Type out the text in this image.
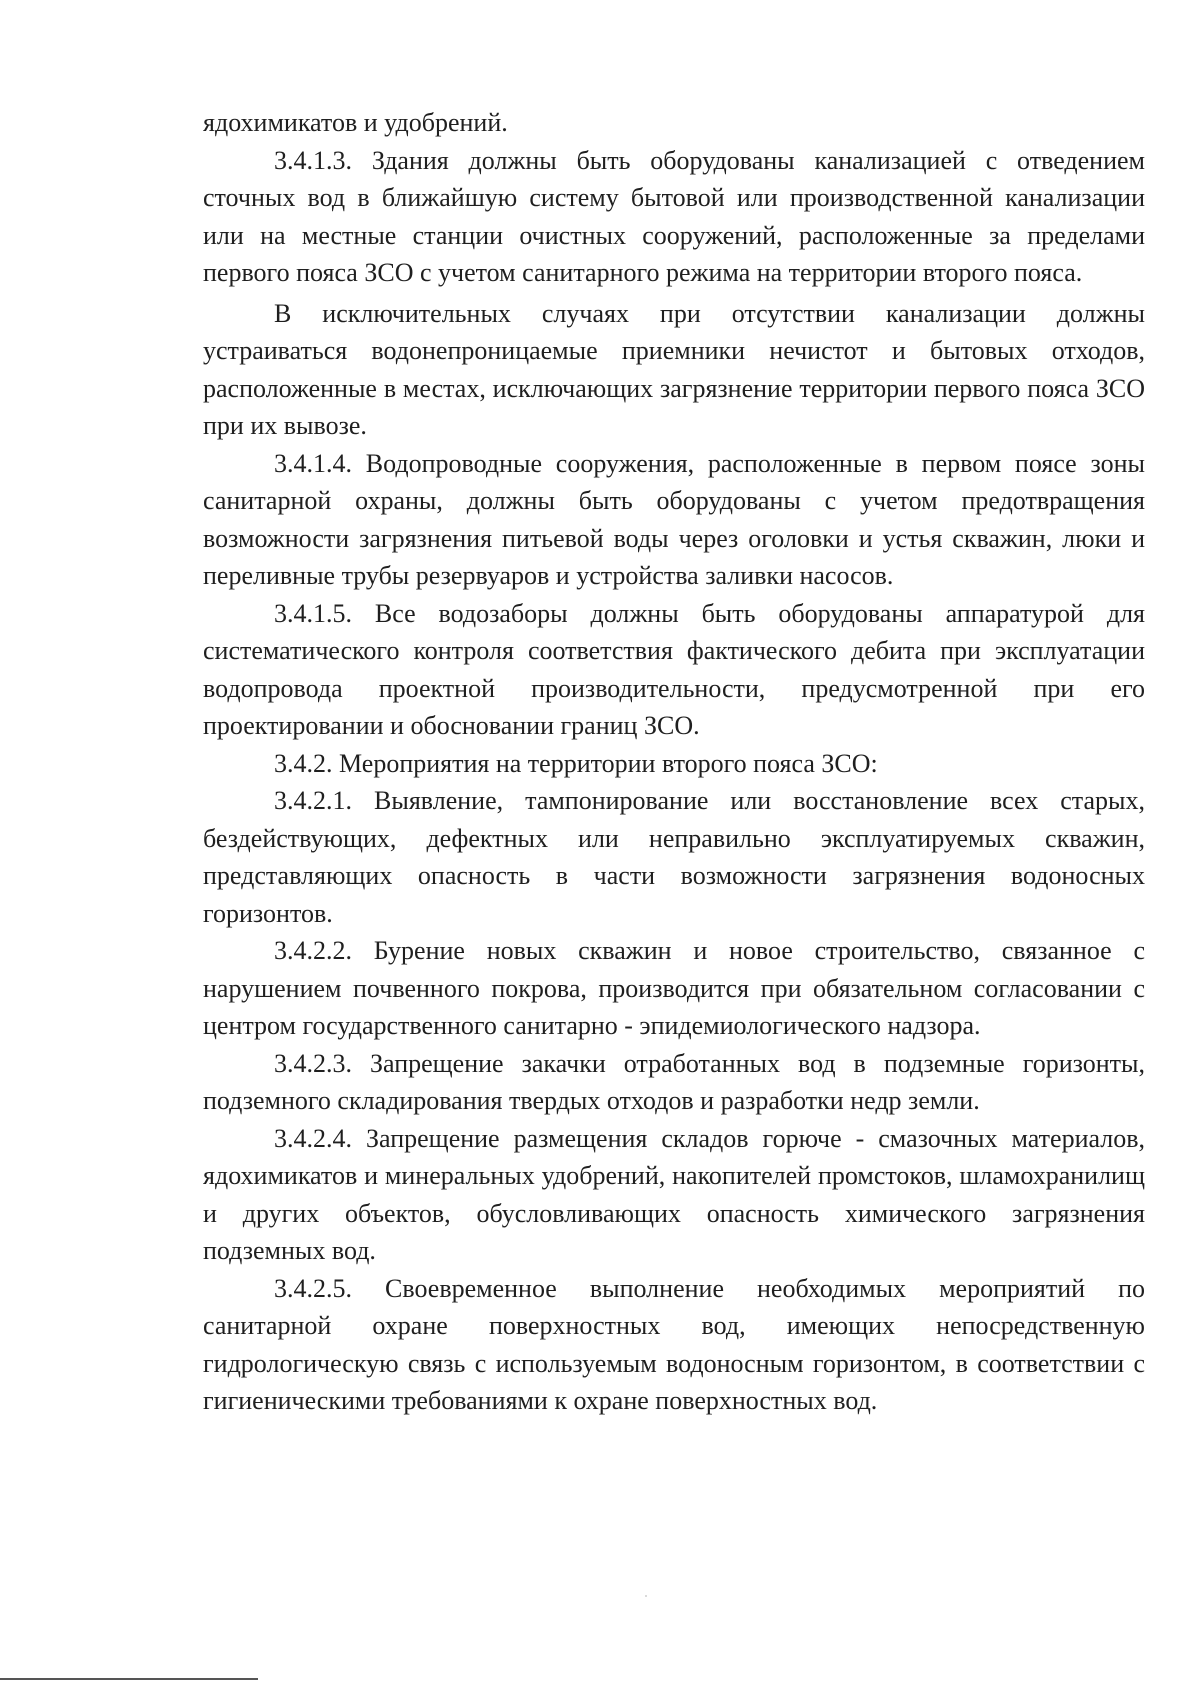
ядохимикатов и удобрений.

3.4.1.3. Здания должны быть оборудованы канализацией с отведением сточных вод в ближайшую систему бытовой или производственной канализации или на местные станции очистных сооружений, расположенные за пределами первого пояса ЗСО с учетом санитарного режима на территории второго пояса.

В исключительных случаях при отсутствии канализации должны устраиваться водонепроницаемые приемники нечистот и бытовых отходов, расположенные в местах, исключающих загрязнение территории первого пояса ЗСО при их вывозе.

3.4.1.4. Водопроводные сооружения, расположенные в первом поясе зоны санитарной охраны, должны быть оборудованы с учетом предотвращения возможности загрязнения питьевой воды через оголовки и устья скважин, люки и переливные трубы резервуаров и устройства заливки насосов.

3.4.1.5. Все водозаборы должны быть оборудованы аппаратурой для систематического контроля соответствия фактического дебита при эксплуатации водопровода проектной производительности, предусмотренной при его проектировании и обосновании границ ЗСО.

3.4.2. Мероприятия на территории второго пояса ЗСО:

3.4.2.1. Выявление, тампонирование или восстановление всех старых, бездействующих, дефектных или неправильно эксплуатируемых скважин, представляющих опасность в части возможности загрязнения водоносных горизонтов.

3.4.2.2. Бурение новых скважин и новое строительство, связанное с нарушением почвенного покрова, производится при обязательном согласовании с центром государственного санитарно - эпидемиологического надзора.

3.4.2.3. Запрещение закачки отработанных вод в подземные горизонты, подземного складирования твердых отходов и разработки недр земли.

3.4.2.4. Запрещение размещения складов горюче - смазочных материалов, ядохимикатов и минеральных удобрений, накопителей промстоков, шламохранилищ и других объектов, обусловливающих опасность химического загрязнения подземных вод.

3.4.2.5. Своевременное выполнение необходимых мероприятий по санитарной охране поверхностных вод, имеющих непосредственную гидрологическую связь с используемым водоносным горизонтом, в соответствии с гигиеническими требованиями к охране поверхностных вод.
